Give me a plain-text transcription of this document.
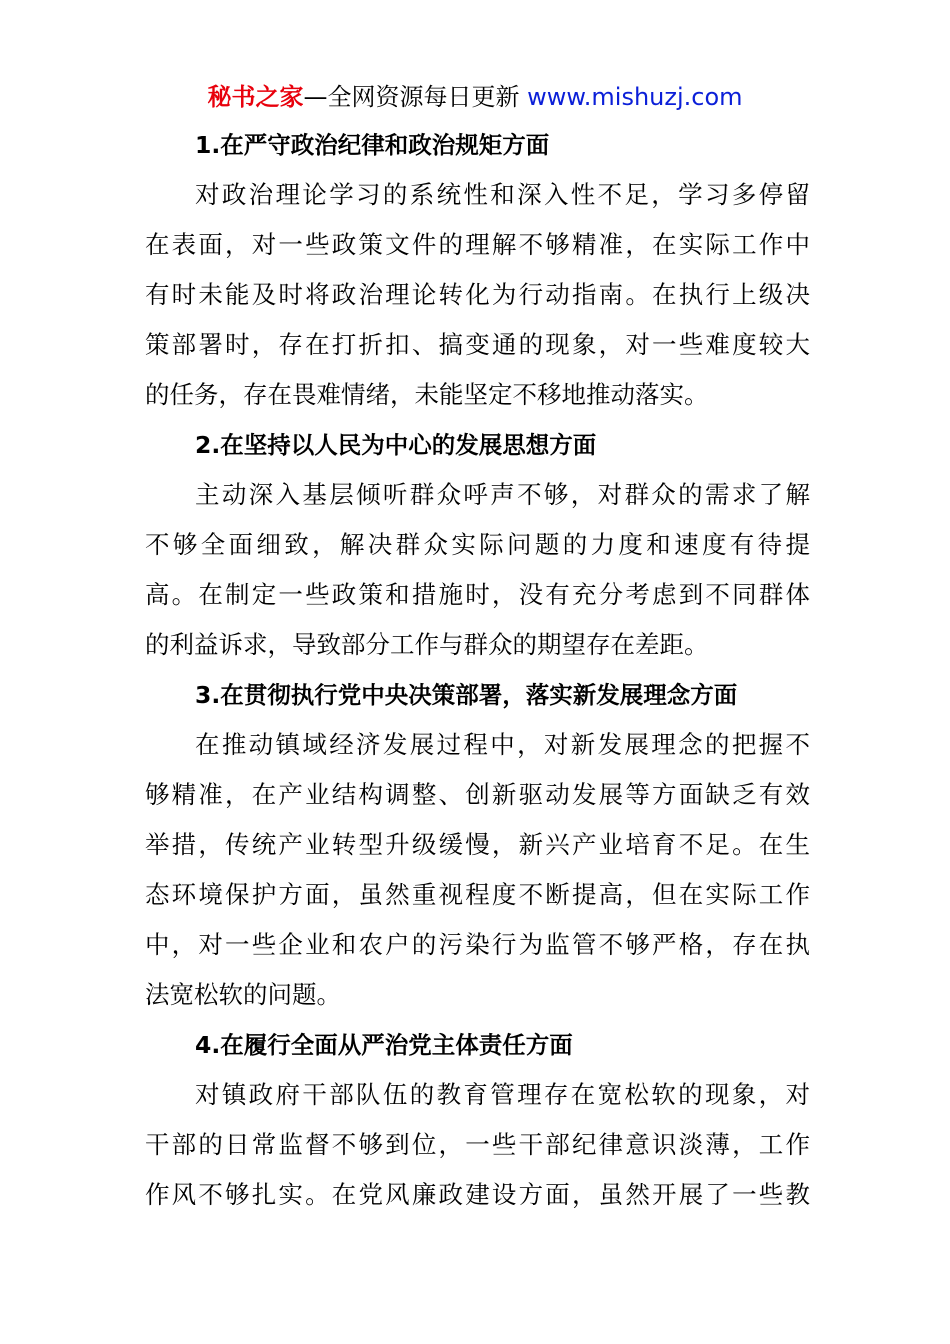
秘书之家—全网资源每日更新 www.mishuzj.com
1.在严守政治纪律和政治规矩方面
对政治理论学习的系统性和深入性不足，学习多停留
在表面，对一些政策文件的理解不够精准，在实际工作中
有时未能及时将政治理论转化为行动指南。在执行上级决
策部署时，存在打折扣、搞变通的现象，对一些难度较大
的任务，存在畏难情绪，未能坚定不移地推动落实。
2.在坚持以人民为中心的发展思想方面
主动深入基层倾听群众呼声不够，对群众的需求了解
不够全面细致，解决群众实际问题的力度和速度有待提
高。在制定一些政策和措施时，没有充分考虑到不同群体
的利益诉求，导致部分工作与群众的期望存在差距。
3.在贯彻执行党中央决策部署，落实新发展理念方面
在推动镇域经济发展过程中，对新发展理念的把握不
够精准，在产业结构调整、创新驱动发展等方面缺乏有效
举措，传统产业转型升级缓慢，新兴产业培育不足。在生
态环境保护方面，虽然重视程度不断提高，但在实际工作
中，对一些企业和农户的污染行为监管不够严格，存在执
法宽松软的问题。
4.在履行全面从严治党主体责任方面
对镇政府干部队伍的教育管理存在宽松软的现象，对
干部的日常监督不够到位，一些干部纪律意识淡薄，工作
作风不够扎实。在党风廉政建设方面，虽然开展了一些教
